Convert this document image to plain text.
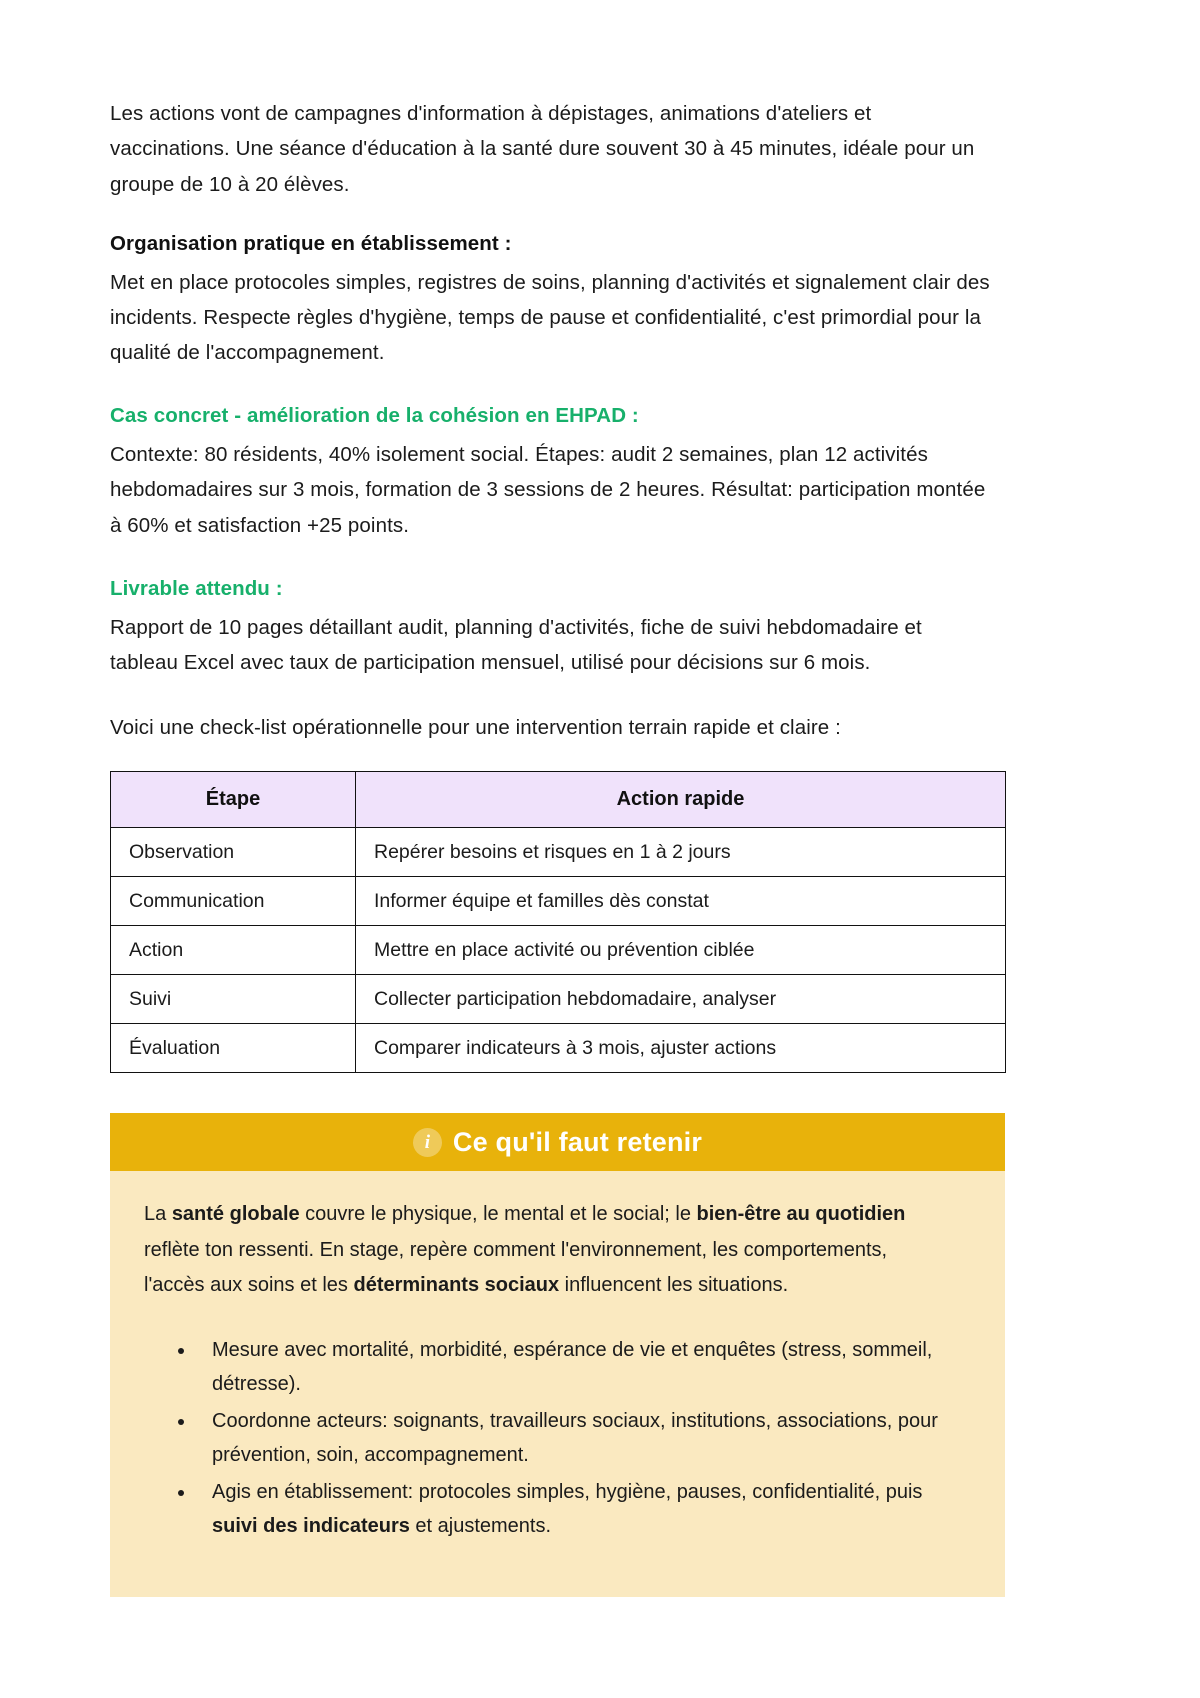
Les actions vont de campagnes d'information à dépistages, animations d'ateliers et vaccinations. Une séance d'éducation à la santé dure souvent 30 à 45 minutes, idéale pour un groupe de 10 à 20 élèves.

Organisation pratique en établissement :

Met en place protocoles simples, registres de soins, planning d'activités et signalement clair des incidents. Respecte règles d'hygiène, temps de pause et confidentialité, c'est primordial pour la qualité de l'accompagnement.

Cas concret - amélioration de la cohésion en EHPAD :

Contexte: 80 résidents, 40% isolement social. Étapes: audit 2 semaines, plan 12 activités hebdomadaires sur 3 mois, formation de 3 sessions de 2 heures. Résultat: participation montée à 60% et satisfaction +25 points.

Livrable attendu :

Rapport de 10 pages détaillant audit, planning d'activités, fiche de suivi hebdomadaire et tableau Excel avec taux de participation mensuel, utilisé pour décisions sur 6 mois.

Voici une check-list opérationnelle pour une intervention terrain rapide et claire :

Étape	Action rapide
Observation	Repérer besoins et risques en 1 à 2 jours
Communication	Informer équipe et familles dès constat
Action	Mettre en place activité ou prévention ciblée
Suivi	Collecter participation hebdomadaire, analyser
Évaluation	Comparer indicateurs à 3 mois, ajuster actions
i Ce qu'il faut retenir

La santé globale couvre le physique, le mental et le social; le bien-être au quotidien reflète ton ressenti. En stage, repère comment l'environnement, les comportements, l'accès aux soins et les déterminants sociaux influencent les situations.

• Mesure avec mortalité, morbidité, espérance de vie et enquêtes (stress, sommeil, détresse).
• Coordonne acteurs: soignants, travailleurs sociaux, institutions, associations, pour prévention, soin, accompagnement.
• Agis en établissement: protocoles simples, hygiène, pauses, confidentialité, puis suivi des indicateurs et ajustements.
